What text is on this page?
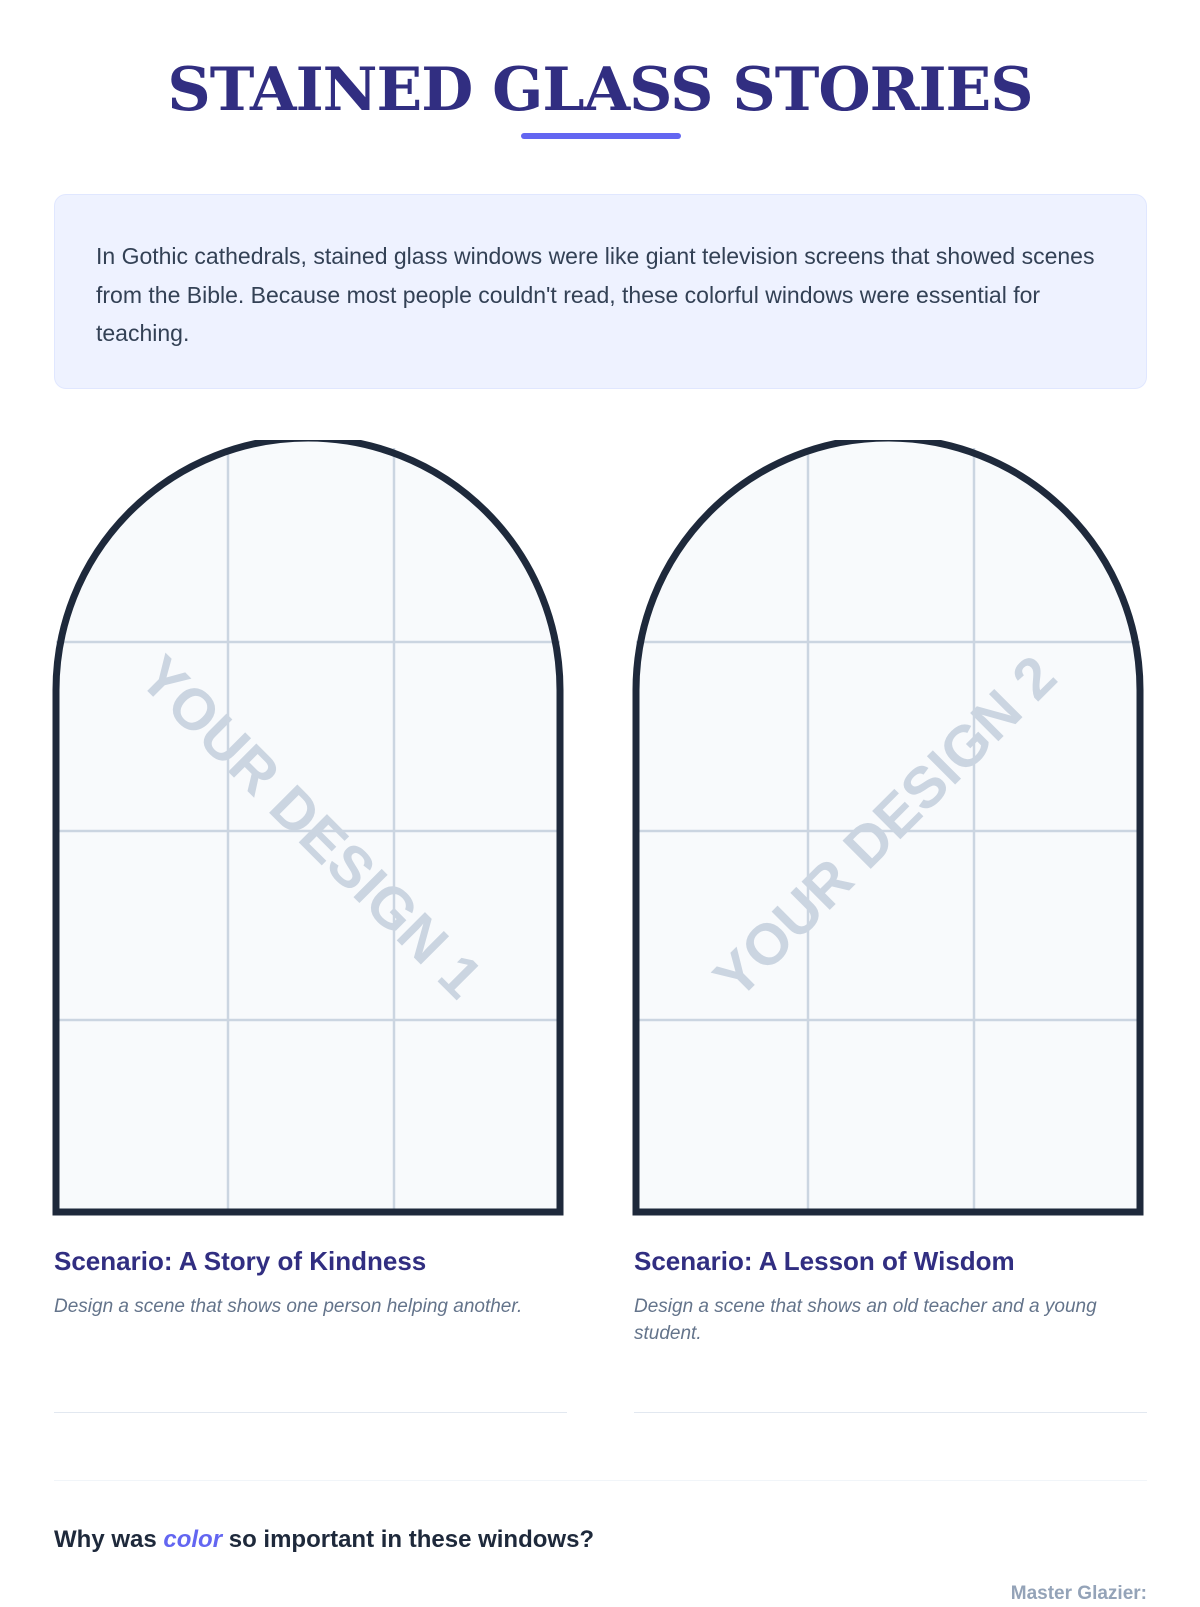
STAINED GLASS STORIES
In Gothic cathedrals, stained glass windows were like giant television screens that showed scenes from the Bible. Because most people couldn't read, these colorful windows were essential for teaching.
YOUR DESIGN 1	YOUR DESIGN 2
Scenario: A Story of Kindness

Design a scene that shows one person helping another.

Scenario: A Lesson of Wisdom

Design a scene that shows an old teacher and a young student.

Why was color so important in these windows?

Master Glazier:
